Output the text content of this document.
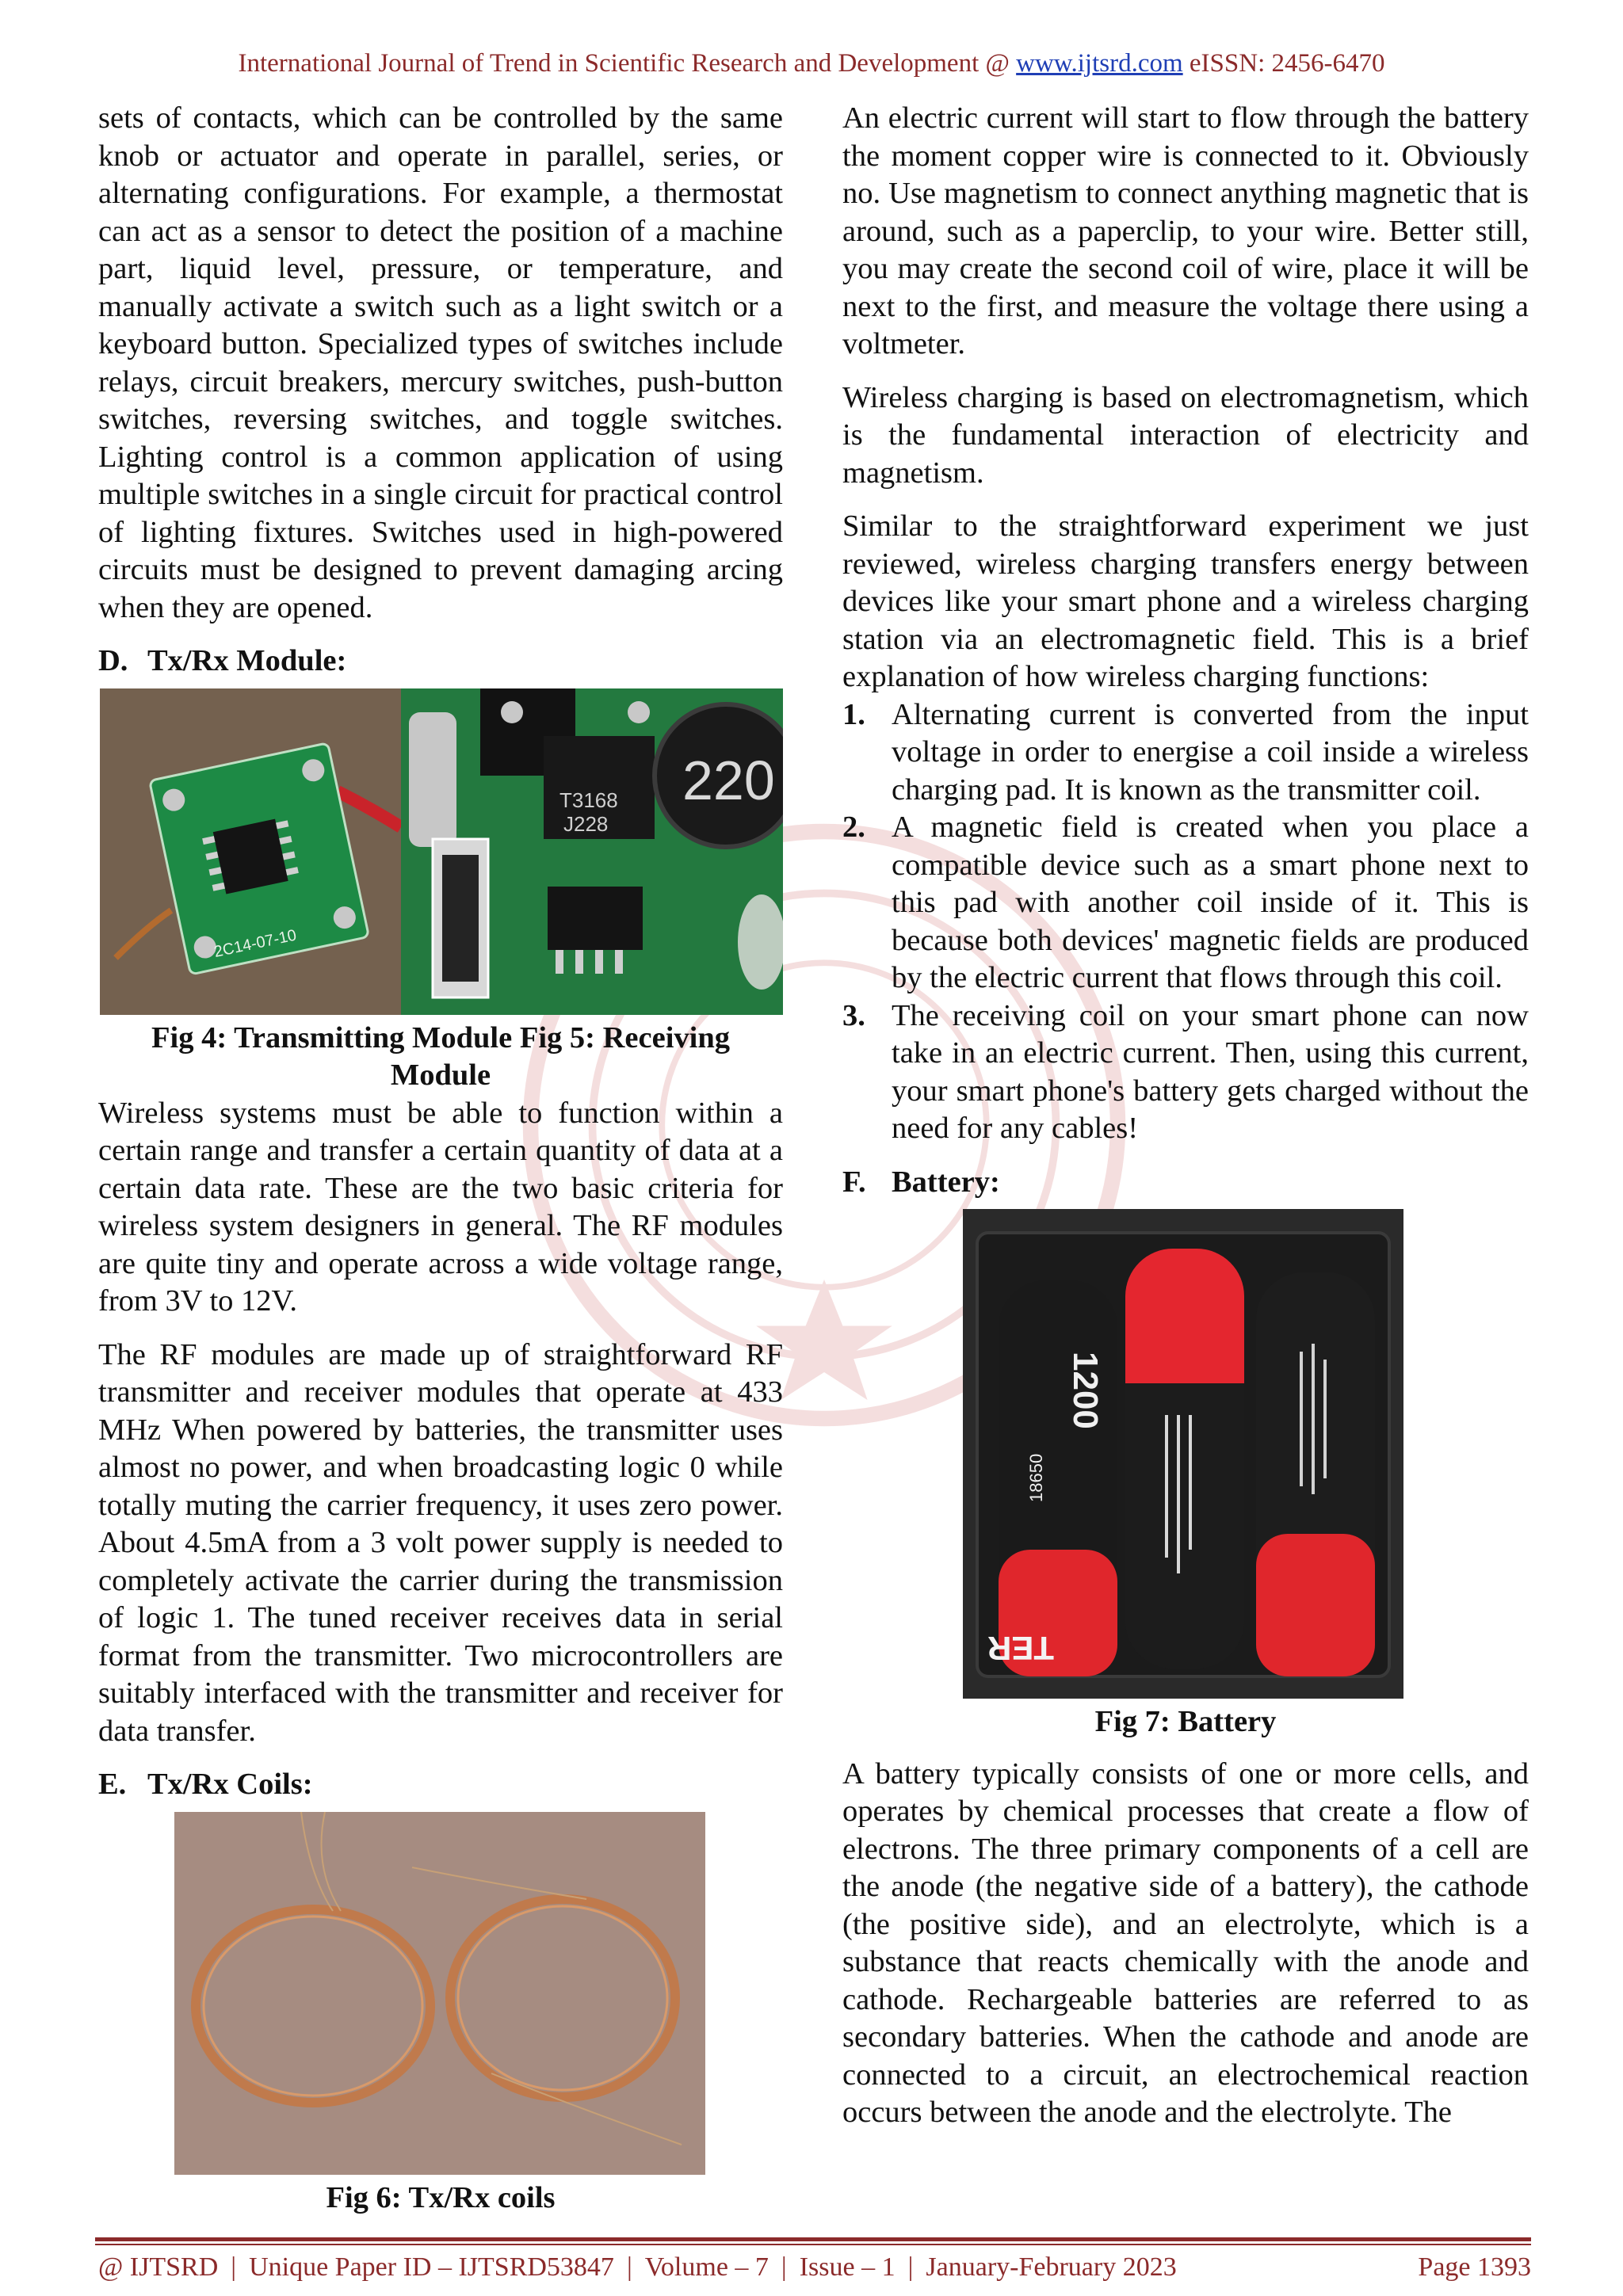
International Journal of Trend in Scientific Research and Development @ www.ijtsrd.com eISSN: 2456-6470

sets of contacts, which can be controlled by the same knob or actuator and operate in parallel, series, or alternating configurations. For example, a thermostat can act as a sensor to detect the position of a machine part, liquid level, pressure, or temperature, and manually activate a switch such as a light switch or a keyboard button. Specialized types of switches include relays, circuit breakers, mercury switches, push-button switches, reversing switches, and toggle switches. Lighting control is a common application of using multiple switches in a single circuit for practical control of lighting fixtures. Switches used in high-powered circuits must be designed to prevent damaging arcing when they are opened.

D. Tx/Rx Module:
2C14-07-10
T3168
J228
220

Fig 4: Transmitting Module Fig 5: Receiving Module

Wireless systems must be able to function within a certain range and transfer a certain quantity of data at a certain data rate. These are the two basic criteria for wireless system designers in general. The RF modules are quite tiny and operate across a wide voltage range, from 3V to 12V.

The RF modules are made up of straightforward RF transmitter and receiver modules that operate at 433 MHz When powered by batteries, the transmitter uses almost no power, and when broadcasting logic 0 while totally muting the carrier frequency, it uses zero power. About 4.5mA from a 3 volt power supply is needed to completely activate the carrier during the transmission of logic 1. The tuned receiver receives data in serial format from the transmitter. Two microcontrollers are suitably interfaced with the transmitter and receiver for data transfer.

E. Tx/Rx Coils:

Fig 6: Tx/Rx coils

An electric current will start to flow through the battery the moment copper wire is connected to it. Obviously no. Use magnetism to connect anything magnetic that is around, such as a paperclip, to your wire. Better still, you may create the second coil of wire, place it will be next to the first, and measure the voltage there using a voltmeter.

Wireless charging is based on electromagnetism, which is the fundamental interaction of electricity and magnetism.

Similar to the straightforward experiment we just reviewed, wireless charging transfers energy between devices like your smart phone and a wireless charging station via an electromagnetic field. This is a brief explanation of how wireless charging functions:

1. Alternating current is converted from the input voltage in order to energise a coil inside a wireless charging pad. It is known as the transmitter coil.
2. A magnetic field is created when you place a compatible device such as a smart phone next to this pad with another coil inside of it. This is because both devices' magnetic fields are produced by the electric current that flows through this coil.
3. The receiving coil on your smart phone can now take in an electric current. Then, using this current, your smart phone's battery gets charged without the need for any cables!
F. Battery:
1200
18650
TER

Fig 7: Battery

A battery typically consists of one or more cells, and operates by chemical processes that create a flow of electrons. The three primary components of a cell are the anode (the negative side of a battery), the cathode (the positive side), and an electrolyte, which is a substance that reacts chemically with the anode and cathode. Rechargeable batteries are referred to as secondary batteries. When the cathode and anode are connected to a circuit, an electrochemical reaction occurs between the anode and the electrolyte. The

@ IJTSRD | Unique Paper ID – IJTSRD53847 | Volume – 7 | Issue – 1 | January-February 2023	Page 1393
